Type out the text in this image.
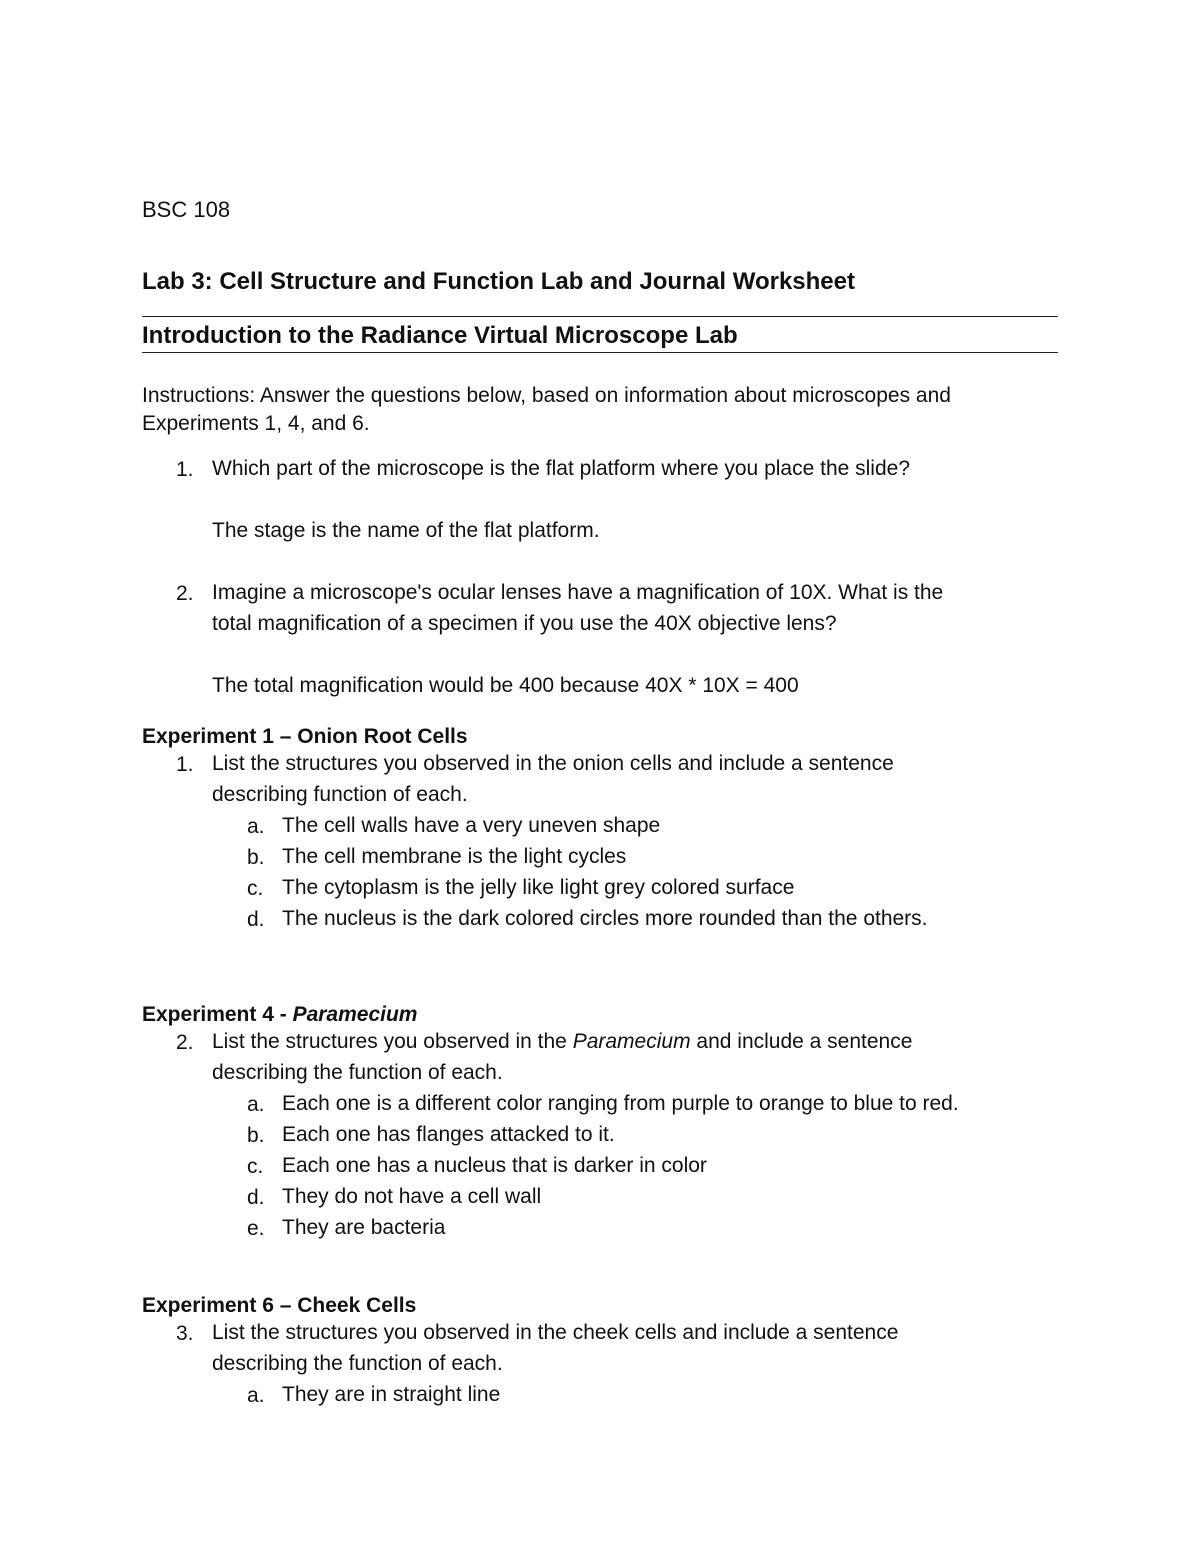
BSC 108
Lab 3: Cell Structure and Function Lab and Journal Worksheet
Introduction to the Radiance Virtual Microscope Lab
Instructions: Answer the questions below, based on information about microscopes and
Experiments 1, 4, and 6.
1. Which part of the microscope is the flat platform where you place the slide?
The stage is the name of the flat platform.
2. Imagine a microscope's ocular lenses have a magnification of 10X. What is the
total magnification of a specimen if you use the 40X objective lens?
The total magnification would be 400 because 40X * 10X = 400
Experiment 1 – Onion Root Cells
1. List the structures you observed in the onion cells and include a sentence
describing function of each.
a. The cell walls have a very uneven shape
b. The cell membrane is the light cycles
c. The cytoplasm is the jelly like light grey colored surface
d. The nucleus is the dark colored circles more rounded than the others.
Experiment 4 - Paramecium
2. List the structures you observed in the Paramecium and include a sentence
describing the function of each.
a. Each one is a different color ranging from purple to orange to blue to red.
b. Each one has flanges attacked to it.
c. Each one has a nucleus that is darker in color
d. They do not have a cell wall
e. They are bacteria
Experiment 6 – Cheek Cells
3. List the structures you observed in the cheek cells and include a sentence
describing the function of each.
a. They are in straight line
